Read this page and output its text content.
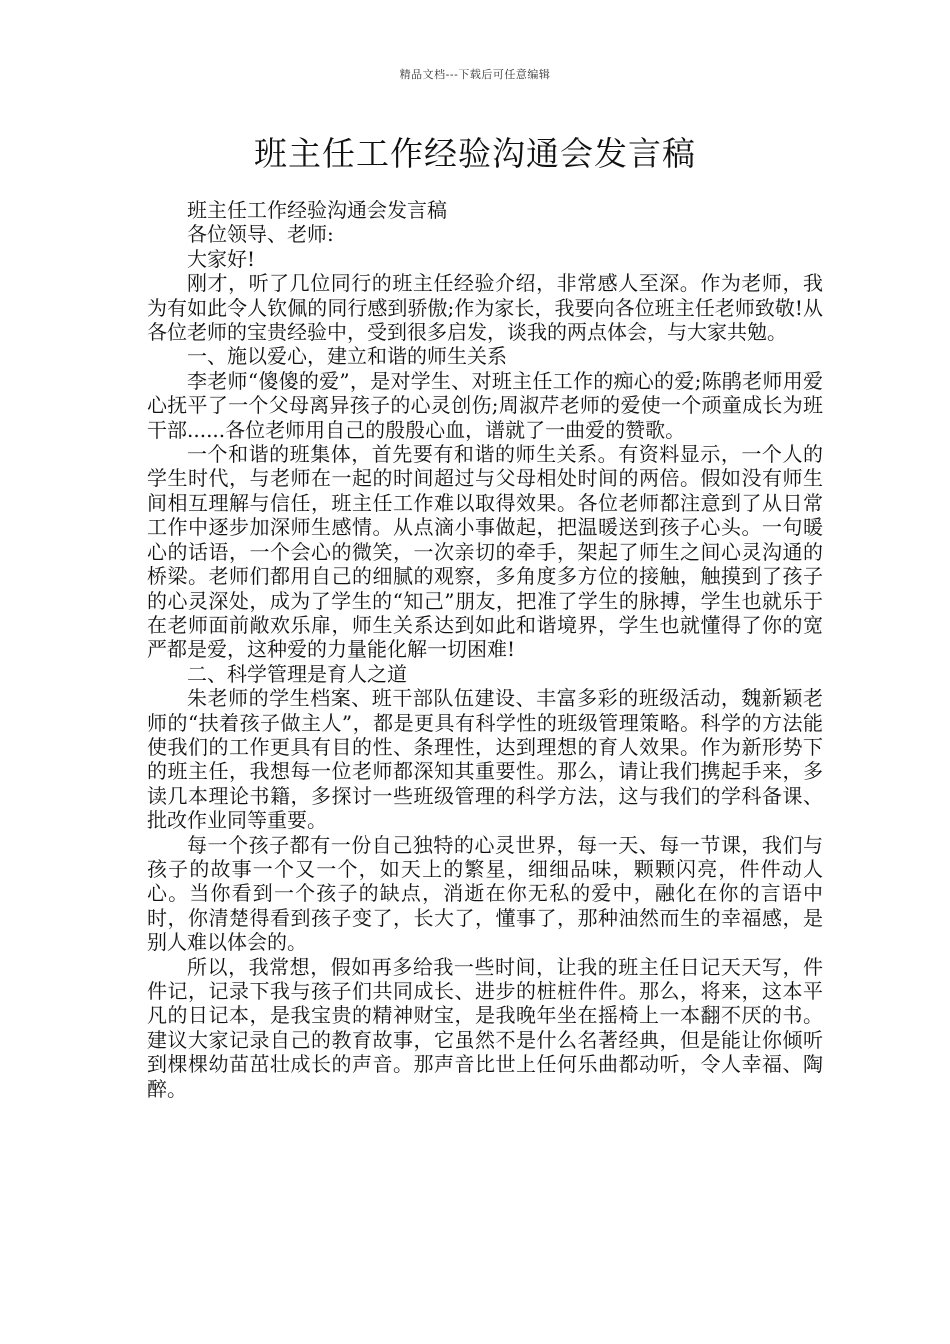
精品文档---下载后可任意编辑
班主任工作经验沟通会发言稿

班主任工作经验沟通会发言稿

各位领导、老师:

大家好!

刚才，听了几位同行的班主任经验介绍，非常感人至深。作为老师，我为有如此令人钦佩的同行感到骄傲;作为家长，我要向各位班主任老师致敬!从各位老师的宝贵经验中，受到很多启发，谈我的两点体会，与大家共勉。

一、施以爱心，建立和谐的师生关系

李老师“傻傻的爱”，是对学生、对班主任工作的痴心的爱;陈鹃老师用爱心抚平了一个父母离异孩子的心灵创伤;周淑芹老师的爱使一个顽童成长为班干部......各位老师用自己的殷殷心血，谱就了一曲爱的赞歌。

一个和谐的班集体，首先要有和谐的师生关系。有资料显示，一个人的学生时代，与老师在一起的时间超过与父母相处时间的两倍。假如没有师生间相互理解与信任，班主任工作难以取得效果。各位老师都注意到了从日常工作中逐步加深师生感情。从点滴小事做起，把温暖送到孩子心头。一句暖心的话语，一个会心的微笑，一次亲切的牵手，架起了师生之间心灵沟通的桥梁。老师们都用自己的细腻的观察，多角度多方位的接触，触摸到了孩子的心灵深处，成为了学生的“知己”朋友，把准了学生的脉搏，学生也就乐于在老师面前敞欢乐扉，师生关系达到如此和谐境界，学生也就懂得了你的宽严都是爱，这种爱的力量能化解一切困难!

二、科学管理是育人之道

朱老师的学生档案、班干部队伍建设、丰富多彩的班级活动，魏新颖老师的“扶着孩子做主人”，都是更具有科学性的班级管理策略。科学的方法能使我们的工作更具有目的性、条理性，达到理想的育人效果。作为新形势下的班主任，我想每一位老师都深知其重要性。那么，请让我们携起手来，多读几本理论书籍，多探讨一些班级管理的科学方法，这与我们的学科备课、批改作业同等重要。

每一个孩子都有一份自己独特的心灵世界，每一天、每一节课，我们与孩子的故事一个又一个，如天上的繁星，细细品味，颗颗闪亮，件件动人心。当你看到一个孩子的缺点，消逝在你无私的爱中，融化在你的言语中时，你清楚得看到孩子变了，长大了，懂事了，那种油然而生的幸福感，是别人难以体会的。

所以，我常想，假如再多给我一些时间，让我的班主任日记天天写，件件记，记录下我与孩子们共同成长、进步的桩桩件件。那么，将来，这本平凡的日记本，是我宝贵的精神财宝，是我晚年坐在摇椅上一本翻不厌的书。建议大家记录自己的教育故事，它虽然不是什么名著经典，但是能让你倾听到棵棵幼苗茁壮成长的声音。那声音比世上任何乐曲都动听，令人幸福、陶醉。
